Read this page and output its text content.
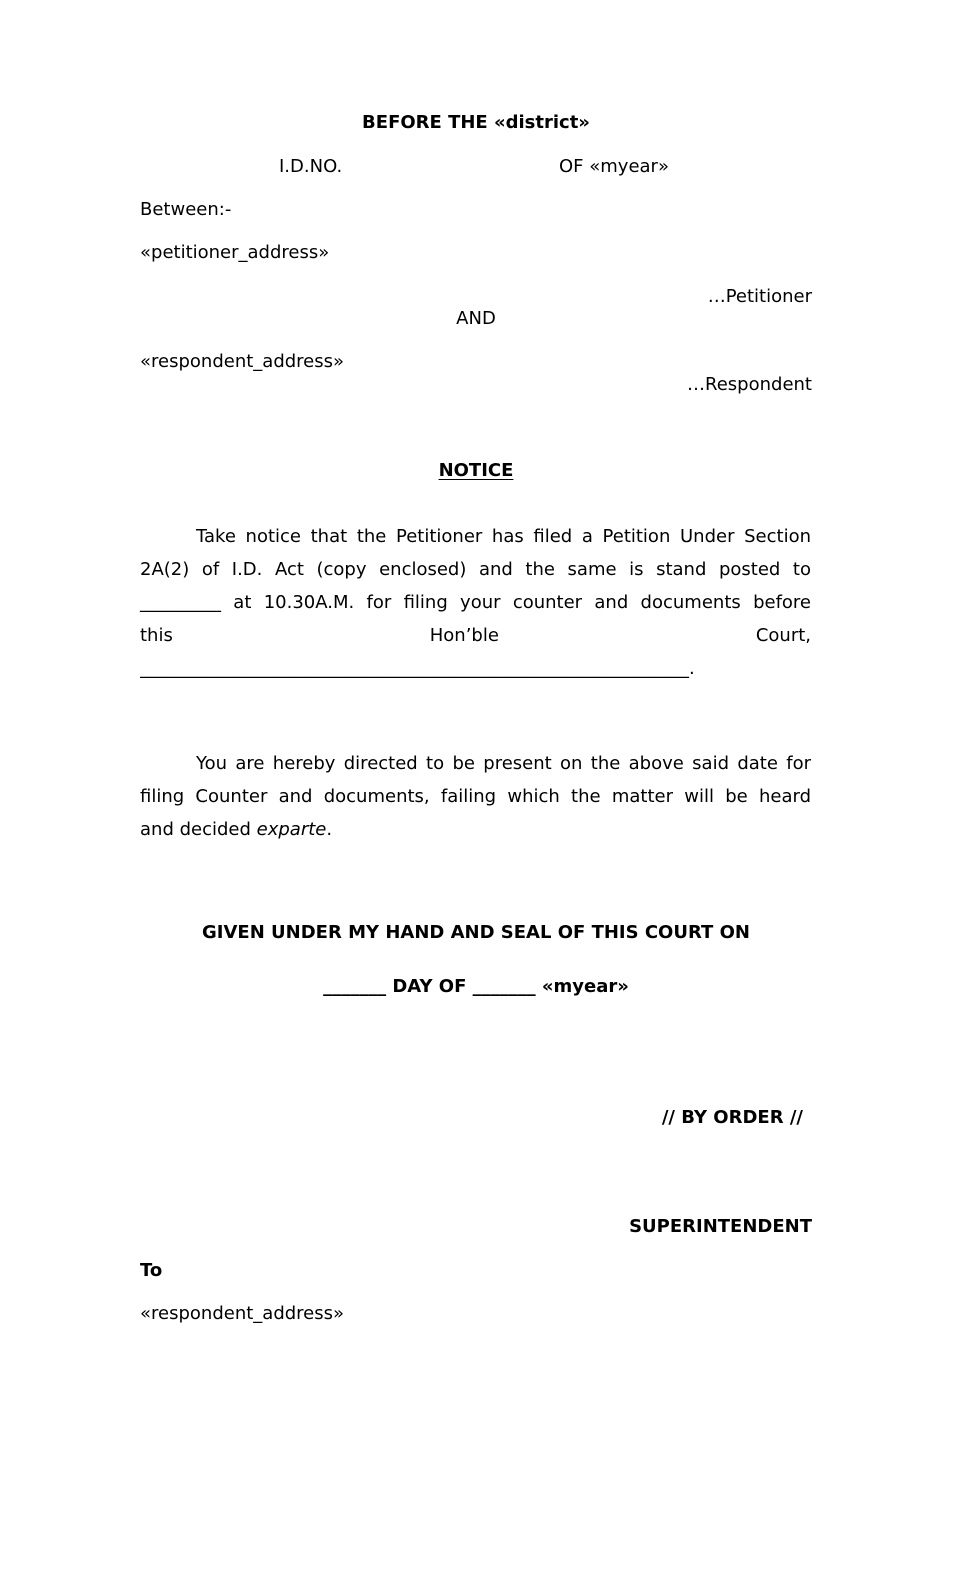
BEFORE THE «district»
I.D.NO.	OF «myear»
Between:-
«petitioner_address»
…Petitioner
AND
«respondent_address»
…Respondent
NOTICE
Take notice that the Petitioner has filed a Petition Under Section
2A(2) of I.D. Act (copy enclosed) and the same is stand posted to
_________ at 10.30A.M. for filing your counter and documents before
this	Hon’ble	Court,
_____________________________________________________________.
You are hereby directed to be present on the above said date for
filing Counter and documents, failing which the matter will be heard
and decided exparte.
GIVEN UNDER MY HAND AND SEAL OF THIS COURT ON
_______ DAY OF _______ «myear»
// BY ORDER //
SUPERINTENDENT
To
«respondent_address»
